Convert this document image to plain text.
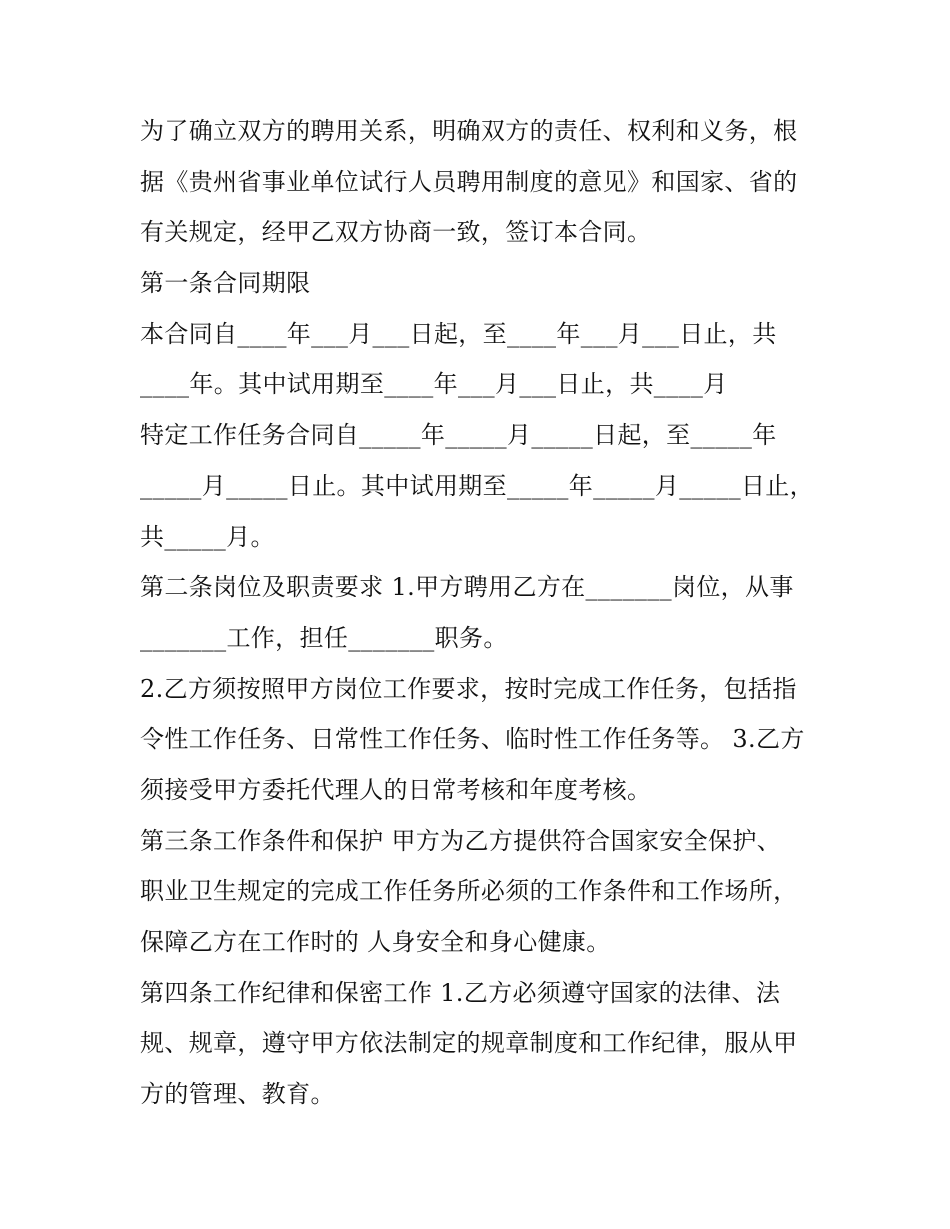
为了确立双方的聘用关系，明确双方的责任、权利和义务，根
据《贵州省事业单位试行人员聘用制度的意见》和国家、省的
有关规定，经甲乙双方协商一致，签订本合同。
第一条合同期限
本合同自____年___月___日起，至____年___月___日止，共
____年。其中试用期至____年___月___日止，共____月
特定工作任务合同自_____年_____月_____日起，至_____年
_____月_____日止。其中试用期至_____年_____月_____日止，
共_____月。
第二条岗位及职责要求 1.甲方聘用乙方在_______岗位，从事
_______工作，担任_______职务。
2.乙方须按照甲方岗位工作要求，按时完成工作任务，包括指
令性工作任务、日常性工作任务、临时性工作任务等。 3.乙方
须接受甲方委托代理人的日常考核和年度考核。
第三条工作条件和保护 甲方为乙方提供符合国家安全保护、
职业卫生规定的完成工作任务所必须的工作条件和工作场所，
保障乙方在工作时的 人身安全和身心健康。
第四条工作纪律和保密工作 1.乙方必须遵守国家的法律、法
规、规章，遵守甲方依法制定的规章制度和工作纪律，服从甲
方的管理、教育。
